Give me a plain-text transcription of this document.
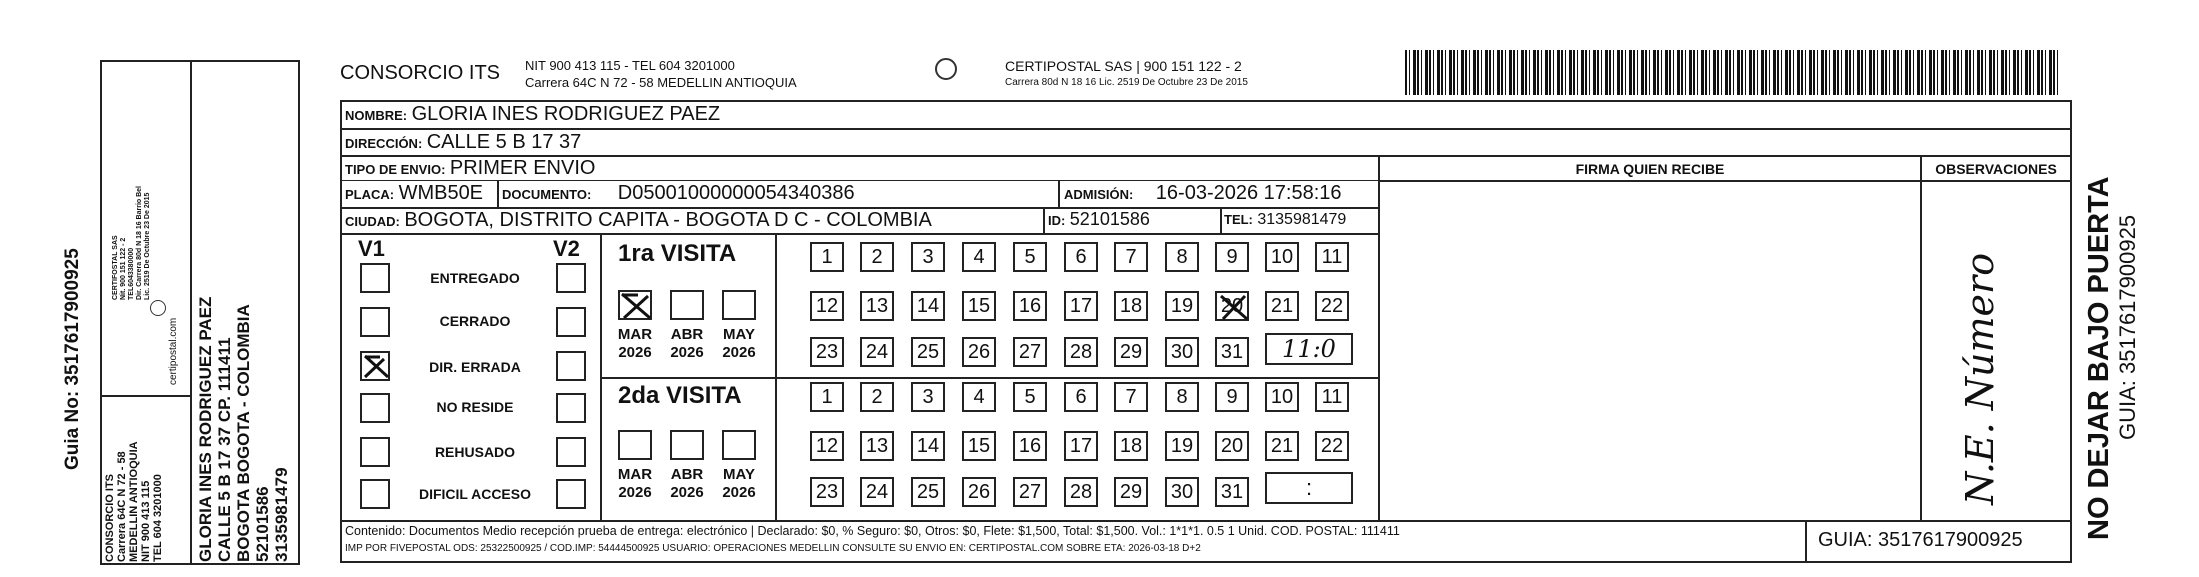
Guia No: 3517617900925
CONSORCIO ITS Carrera 64C N 72 - 58 MEDELLIN ANTIOQUIA NIT 900 413 115 TEL 604 3201000
CERTIFOSTAL SAS Nit. 900 151 122 - 2 TEL6043380000 Dir. Carrera 80d N 18 16 Barrio Bel Lic. 2519 De Octubre 23 De 2015
certipostal.com GLORIA INES RODRIGUEZ PAEZ CALLE 5 B 17 37 CP. 111411 BOGOTA BOGOTA - COLOMBIA 52101586 3135981479
CONSORCIO ITS NIT 900 413 115 - TEL 604 3201000
Carrera 64C N 72 - 58 MEDELLIN ANTIOQUIA
CERTIPOSTAL SAS | 900 151 122 - 2
Carrera 80d N 18 16 Lic. 2519 De Octubre 23 De 2015
NOMBRE: GLORIA INES RODRIGUEZ PAEZ
DIRECCIÓN: CALLE 5 B 17 37
TIPO DE ENVIO: PRIMER ENVIO	FIRMA QUIEN RECIBE	OBSERVACIONES
PLACA: WMB50E DOCUMENTO: D05001000000054340386	ADMISIÓN: 16-03-2026 17:58:16
CIUDAD: BOGOTA, DISTRITO CAPITA - BOGOTA D C - COLOMBIA	ID: 52101586	TEL: 3135981479
V1	V2
ENTREGADO
CERRADO
DIR. ERRADA
NO RESIDE
REHUSADO
DIFICIL ACCESO
1ra VISITA
MAR
2026
ABR
2026
MAY
2026
1	2	3	4	5	6	7	8	9	10	11
12 13 14 15 16 17 18 19 20 21 22
23 24 25 26 27 28 29 30 31	11:0
2da VISITA
MAR
2026
ABR
2026
MAY
2026
1	2	3	4	5	6	7	8	9	10	11
12 13 14 15 16 17 18 19 20 21 22
23 24 25 26 27 28 29 30 31	:	N.E. Número
Contenido: Documentos Medio recepción prueba de entrega: electrónico | Declarado: $0, % Seguro: $0, Otros: $0, Flete: $1,500, Total: $1,500. Vol.: 1*1*1. 0.5 1 Unid. COD. POSTAL: 111411
IMP POR FIVEPOSTAL ODS: 25322500925 / COD.IMP: 54444500925 USUARIO: OPERACIONES MEDELLIN CONSULTE SU ENVIO EN: CERTIPOSTAL.COM SOBRE ETA: 2026-03-18 D+2	GUIA: 3517617900925 NO DEJAR BAJO PUERTA GUIA: 3517617900925
